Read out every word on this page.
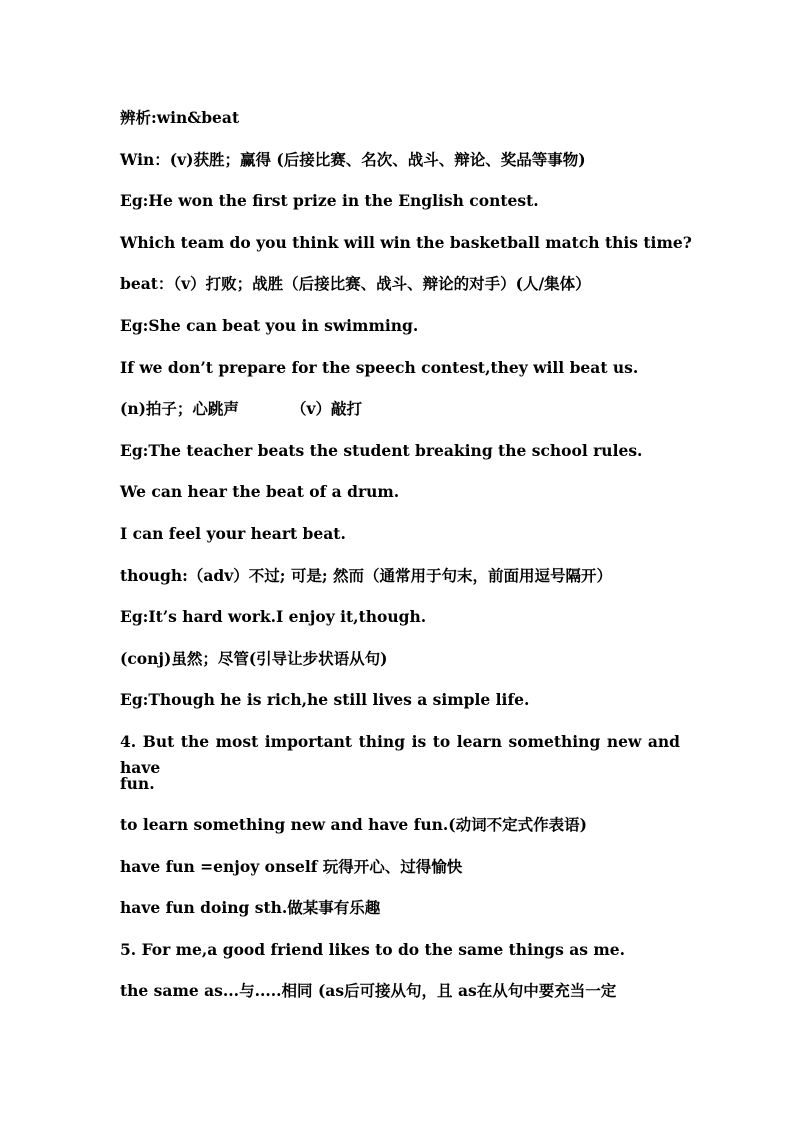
辨析:win&beat
Win：(v)获胜；赢得 (后接比赛、名次、战斗、辩论、奖品等事物)
Eg:He won the first prize in the English contest.
Which team do you think will win the basketball match this time?
beat：（v）打败；战胜（后接比赛、战斗、辩论的对手）(人/集体）
Eg:She can beat you in swimming.
If we don’t prepare for the speech contest,they will beat us.
(n)拍子；心跳声	（v）敲打
Eg:The teacher beats the student breaking the school rules.
We can hear the beat of a drum.
I can feel your heart beat.
though:（adv）不过; 可是; 然而（通常用于句末，前面用逗号隔开）
Eg:It’s hard work.I enjoy it,though.
(conj)虽然；尽管(引导让步状语从句)
Eg:Though he is rich,he still lives a simple life.
4. But the most important thing is to learn something new and have
fun.
to learn something new and have fun.(动词不定式作表语)
have fun =enjoy onself 玩得开心、过得愉快
have fun doing sth.做某事有乐趣
5. For me,a good friend likes to do the same things as me.
the same as...与.....相同 (as后可接从句，且 as在从句中要充当一定
